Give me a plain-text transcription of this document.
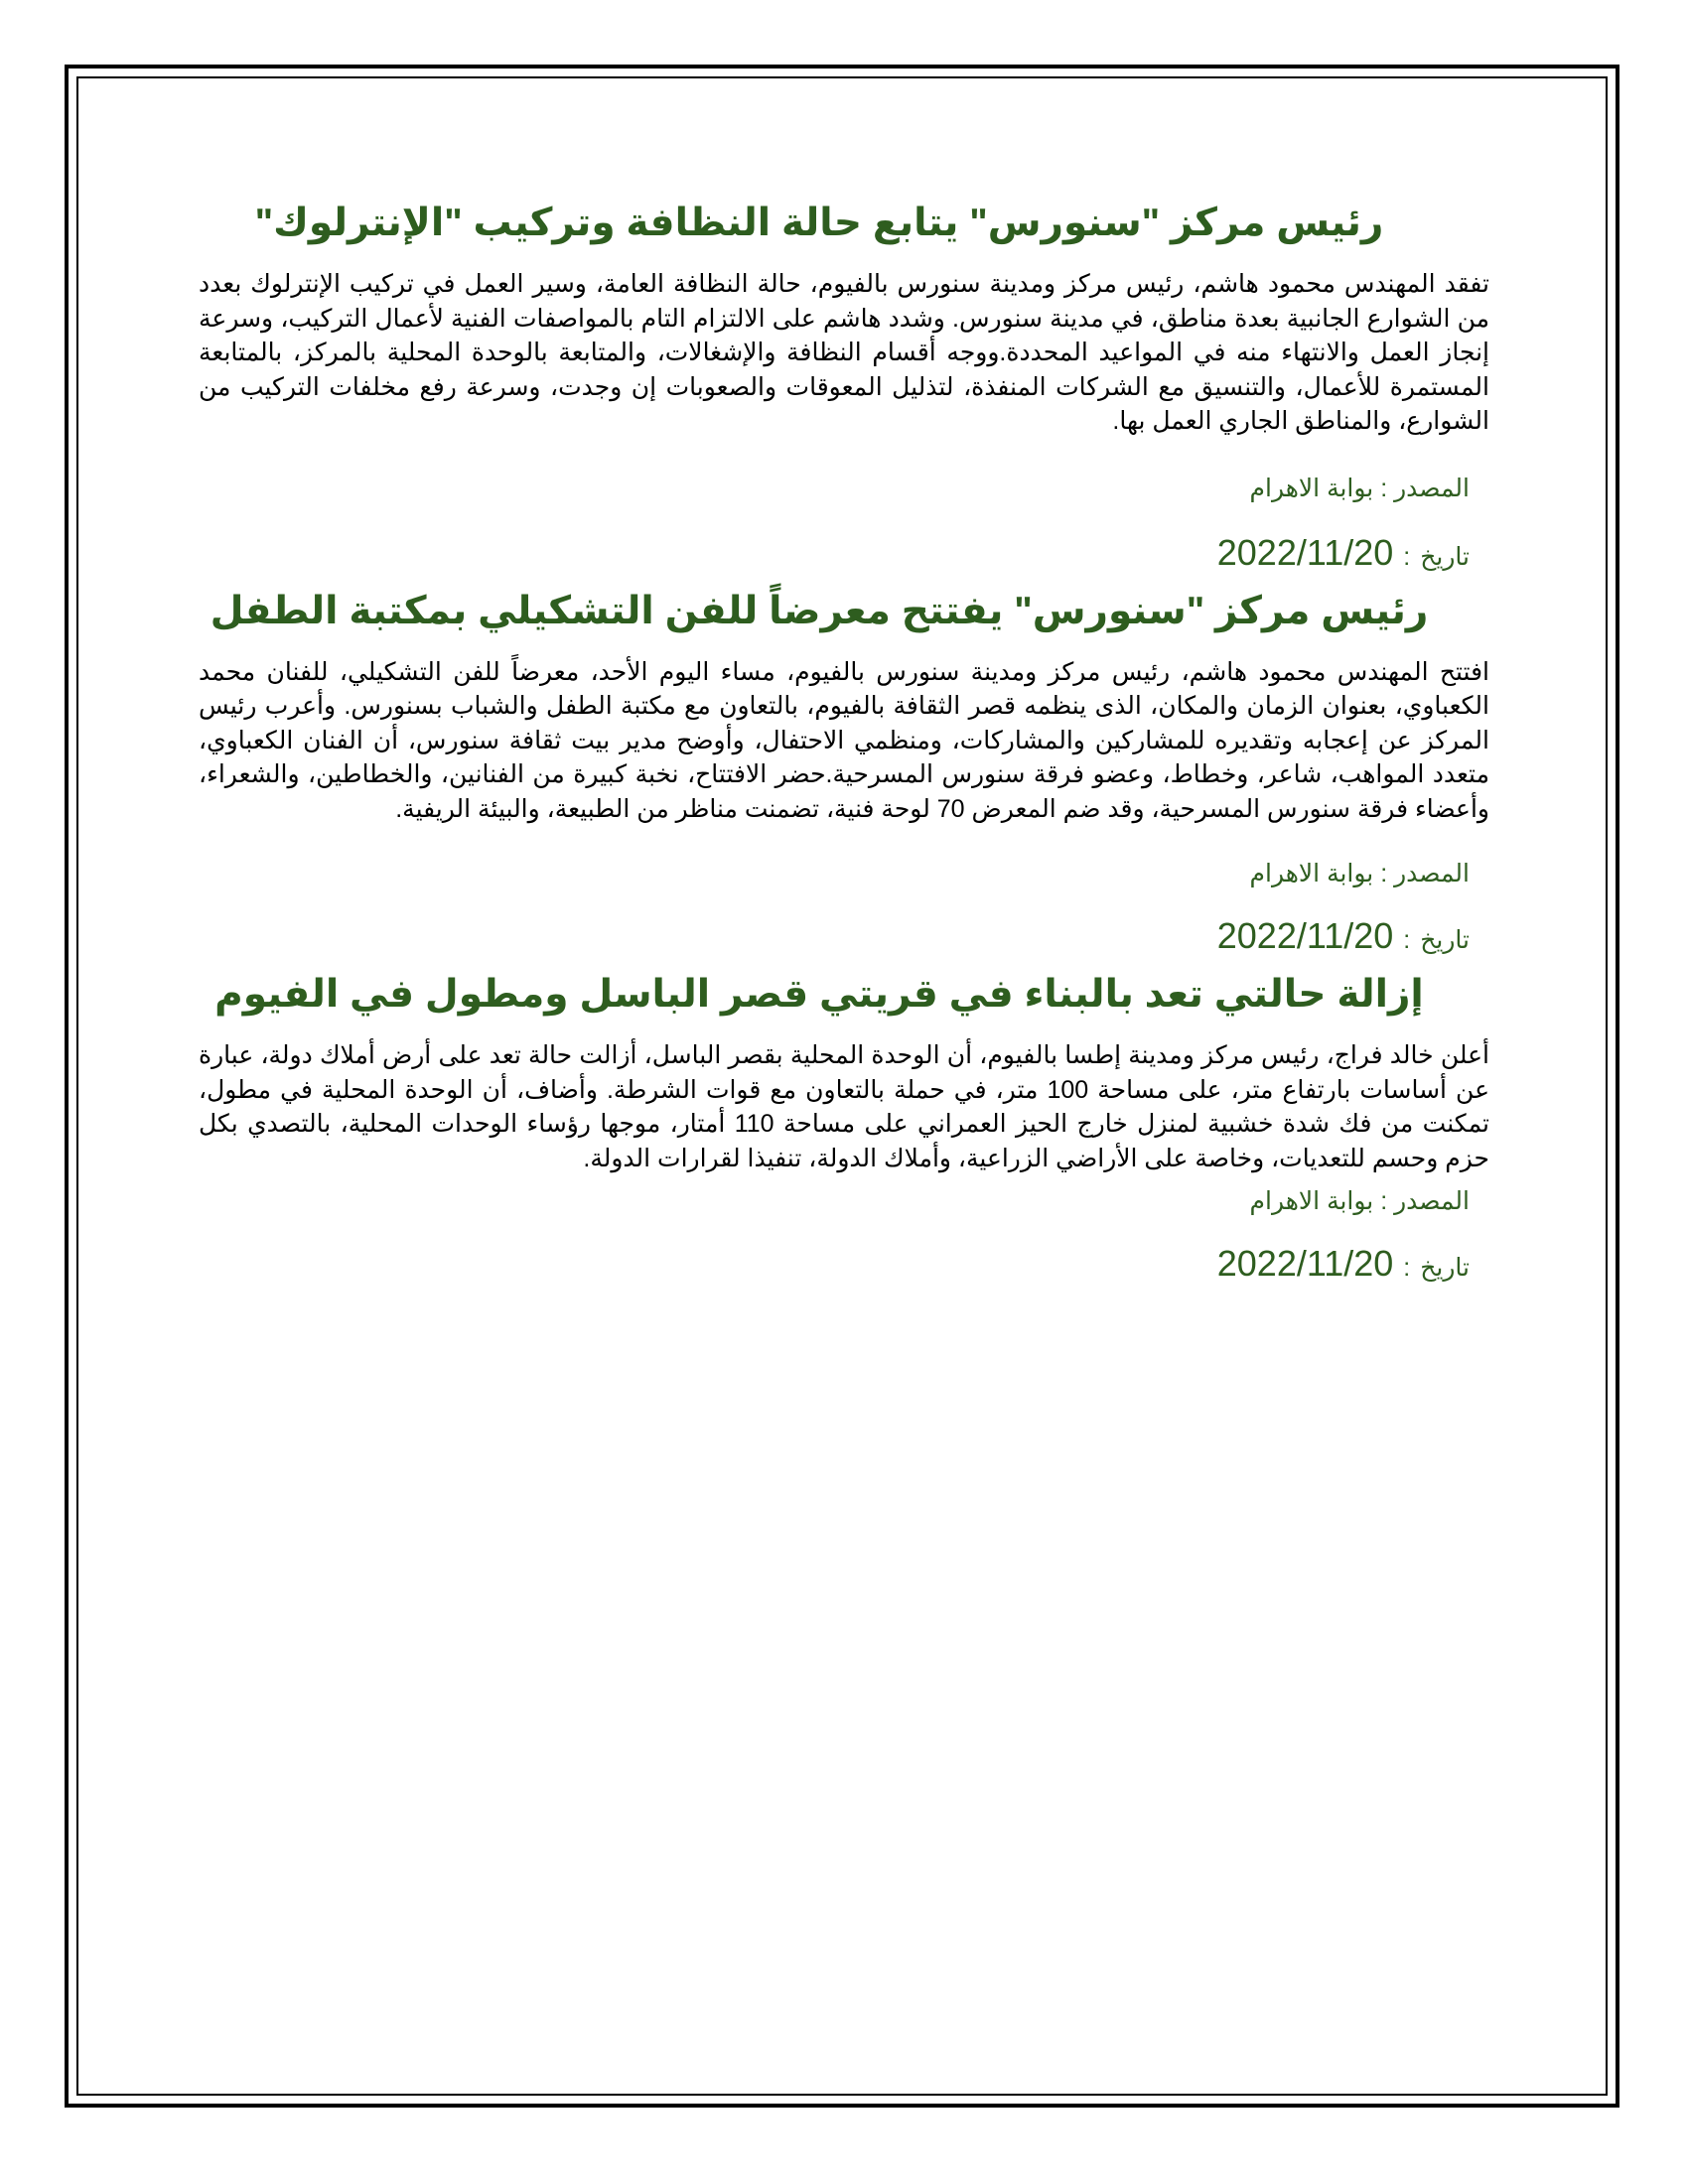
رئيس مركز "سنورس" يتابع حالة النظافة وتركيب "الإنترلوك"

تفقد المهندس محمود هاشم، رئيس مركز ومدينة سنورس بالفيوم، حالة النظافة العامة، وسير العمل في تركيب الإنترلوك بعدد من الشوارع الجانبية بعدة مناطق، في مدينة سنورس. وشدد هاشم على الالتزام التام بالمواصفات الفنية لأعمال التركيب، وسرعة إنجاز العمل والانتهاء منه في المواعيد المحددة.ووجه أقسام النظافة والإشغالات، والمتابعة بالوحدة المحلية بالمركز، بالمتابعة المستمرة للأعمال، والتنسيق مع الشركات المنفذة، لتذليل المعوقات والصعوبات إن وجدت، وسرعة رفع مخلفات التركيب من الشوارع، والمناطق الجاري العمل بها.

المصدر : بوابة الاهرام

تاريخ : 2022/11/20

رئيس مركز "سنورس" يفتتح معرضاً للفن التشكيلي بمكتبة الطفل

افتتح المهندس محمود هاشم، رئيس مركز ومدينة سنورس بالفيوم، مساء اليوم الأحد، معرضاً للفن التشكيلي، للفنان محمد الكعباوي، بعنوان الزمان والمكان، الذى ينظمه قصر الثقافة بالفيوم، بالتعاون مع مكتبة الطفل والشباب بسنورس. وأعرب رئيس المركز عن إعجابه وتقديره للمشاركين والمشاركات، ومنظمي الاحتفال، وأوضح مدير بيت ثقافة سنورس، أن الفنان الكعباوي، متعدد المواهب، شاعر، وخطاط، وعضو فرقة سنورس المسرحية.حضر الافتتاح، نخبة كبيرة من الفنانين، والخطاطين، والشعراء، وأعضاء فرقة سنورس المسرحية، وقد ضم المعرض 70 لوحة فنية، تضمنت مناظر من الطبيعة، والبيئة الريفية.

المصدر : بوابة الاهرام

تاريخ : 2022/11/20

إزالة حالتي تعد بالبناء في قريتي قصر الباسل ومطول في الفيوم

أعلن خالد فراج، رئيس مركز ومدينة إطسا بالفيوم، أن الوحدة المحلية بقصر الباسل، أزالت حالة تعد على أرض أملاك دولة، عبارة عن أساسات بارتفاع متر، على مساحة 100 متر، في حملة بالتعاون مع قوات الشرطة. وأضاف، أن الوحدة المحلية في مطول، تمكنت من فك شدة خشبية لمنزل خارج الحيز العمراني على مساحة 110 أمتار، موجها رؤساء الوحدات المحلية، بالتصدي بكل حزم وحسم للتعديات، وخاصة على الأراضي الزراعية، وأملاك الدولة، تنفيذا لقرارات الدولة.

المصدر : بوابة الاهرام

تاريخ : 2022/11/20
